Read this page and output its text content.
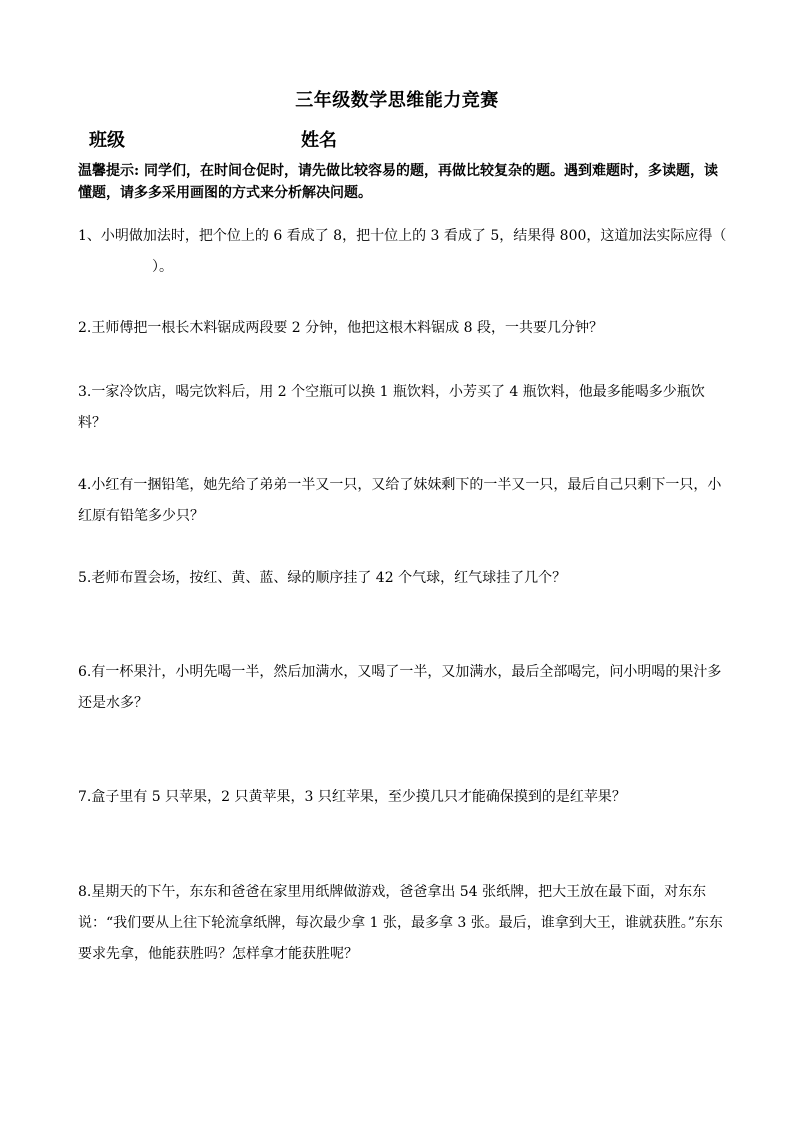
三年级数学思维能力竞赛
班级	姓名
温馨提示: 同学们，在时间仓促时，请先做比较容易的题，再做比较复杂的题。遇到难题时，多读题，读懂题，请多多采用画图的方式来分析解决问题。
1、小明做加法时，把个位上的 6 看成了 8，把十位上的 3 看成了 5，结果得 800，这道加法实际应得（）。
2.王师傅把一根长木料锯成两段要 2 分钟，他把这根木料锯成 8 段，一共要几分钟？
3.一家冷饮店，喝完饮料后，用 2 个空瓶可以换 1 瓶饮料，小芳买了 4 瓶饮料，他最多能喝多少瓶饮料？
4.小红有一捆铅笔，她先给了弟弟一半又一只，又给了妹妹剩下的一半又一只，最后自己只剩下一只，小红原有铅笔多少只？
5.老师布置会场，按红、黄、蓝、绿的顺序挂了 42 个气球，红气球挂了几个？
6.有一杯果汁，小明先喝一半，然后加满水，又喝了一半，又加满水，最后全部喝完，问小明喝的果汁多还是水多？
7.盒子里有 5 只苹果，2 只黄苹果，3 只红苹果，至少摸几只才能确保摸到的是红苹果？
8.星期天的下午，东东和爸爸在家里用纸牌做游戏，爸爸拿出 54 张纸牌，把大王放在最下面，对东东说：“我们要从上往下轮流拿纸牌，每次最少拿 1 张，最多拿 3 张。最后，谁拿到大王，谁就获胜。”东东要求先拿，他能获胜吗？怎样拿才能获胜呢？
